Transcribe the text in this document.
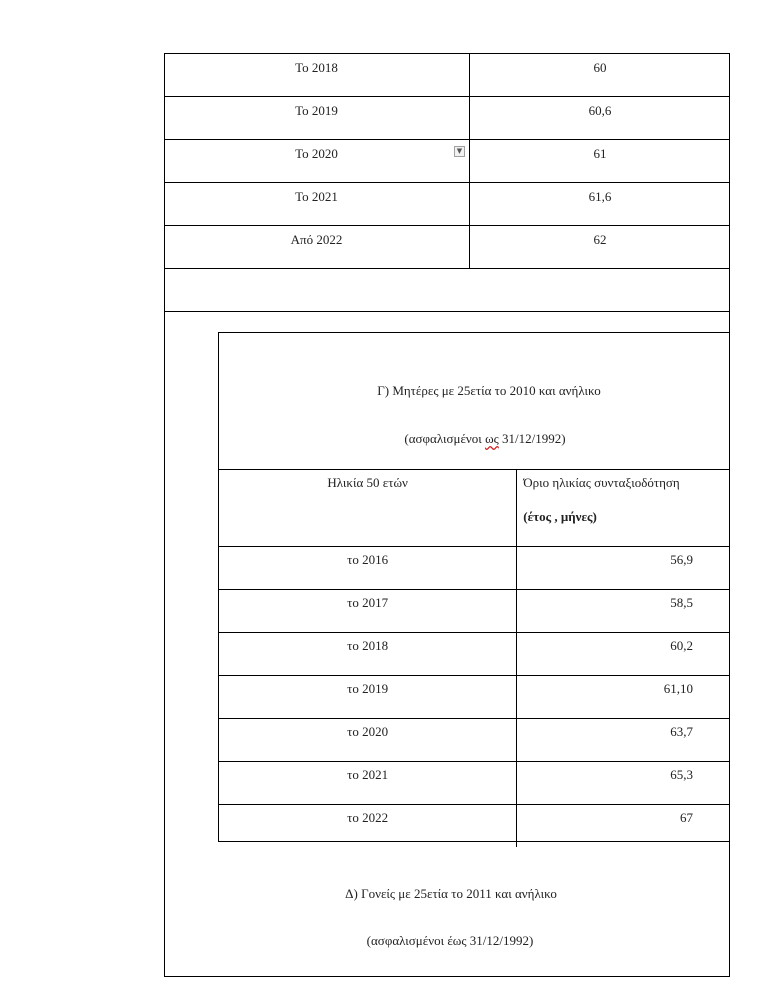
Το 2018	60

Το 2019	60,6

Το 2020 ▼	61

Το 2021	61,6

Από 2022	62

Γ) Μητέρες με 25ετία το 2010 και ανήλικο
(ασφαλισμένοι ως 31/12/1992)
Ηλικία 50 ετών	Όριο ηλικίας συνταξιοδότηση
(έτος , μήνες)

το 2016	56,9

το 2017	58,5

το 2018	60,2

το 2019	61,10

το 2020	63,7

το 2021	65,3

το 2022	67
Δ) Γονείς με 25ετία το 2011 και ανήλικο
(ασφαλισμένοι έως 31/12/1992)
